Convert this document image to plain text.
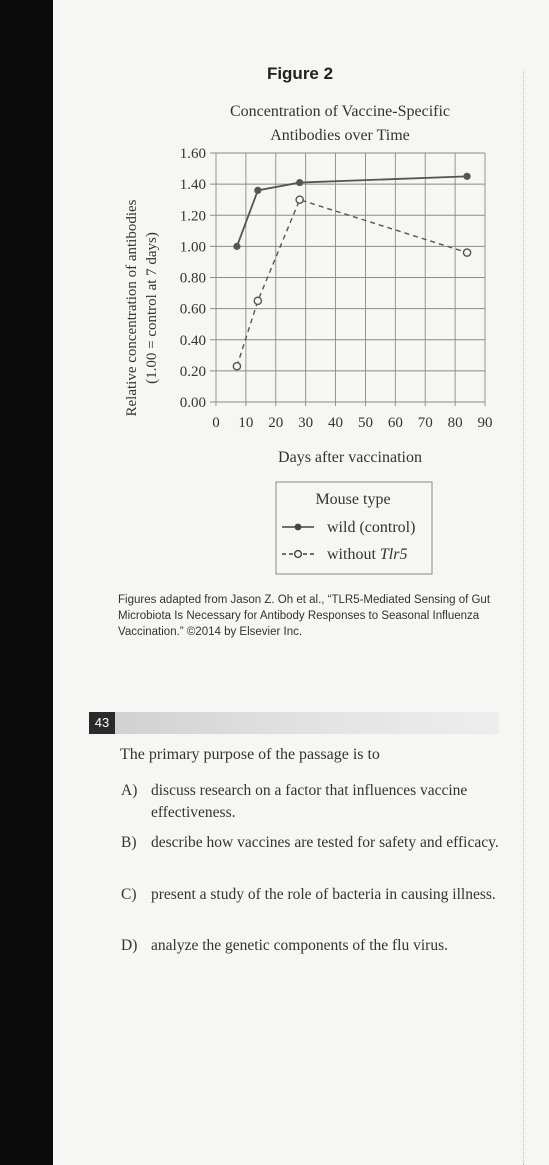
Figure 2
Concentration of Vaccine-Specific
Antibodies over Time
Relative concentration of antibodies (1.00 = control at 7 days)
0.00
0.20
0.40
0.60
0.80
1.00
1.20
1.40
1.60
0 10 20 30 40 50 60 70 80 90
Days after vaccination
Mouse type
wild (control)
without Tlr5
Figures adapted from Jason Z. Oh et al., “TLR5-Mediated Sensing of Gut Microbiota Is Necessary for Antibody Responses to Seasonal Influenza Vaccination.” ©2014 by Elsevier Inc.
43
The primary purpose of the passage is to
A) discuss research on a factor that influences vaccine effectiveness.
B) describe how vaccines are tested for safety and efficacy.
C) present a study of the role of bacteria in causing illness.
D) analyze the genetic components of the flu virus.
